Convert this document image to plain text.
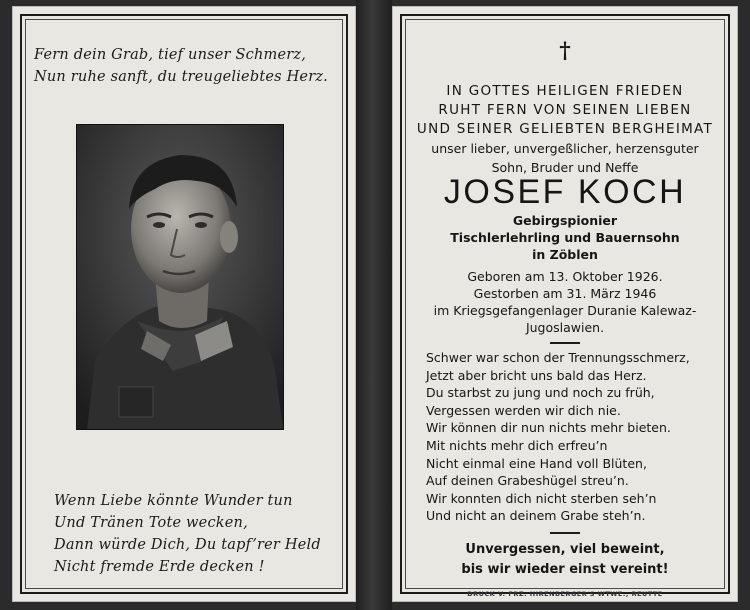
Fern dein Grab, tief unser Schmerz,
Nun ruhe sanft, du treugeliebtes Herz.
Wenn Liebe könnte Wunder tun
Und Tränen Tote wecken,
Dann würde Dich, Du tapf’rer Held
Nicht fremde Erde decken !
†
IN GOTTES HEILIGEN FRIEDEN
RUHT FERN VON SEINEN LIEBEN
UND SEINER GELIEBTEN BERGHEIMAT
unser lieber, unvergeßlicher, herzensguter
Sohn, Bruder und Neffe
JOSEF KOCH
Gebirgspionier
Tischlerlehrling und Bauernsohn
in Zöblen
Geboren am 13. Oktober 1926.
Gestorben am 31. März 1946
im Kriegsgefangenlager Duranie Kalewaz-
Jugoslawien.
Schwer war schon der Trennungsschmerz,
Jetzt aber bricht uns bald das Herz.
Du starbst zu jung und noch zu früh,
Vergessen werden wir dich nie.
Wir können dir nun nichts mehr bieten.
Mit nichts mehr dich erfreu’n
Nicht einmal eine Hand voll Blüten,
Auf deinen Grabeshügel streu’n.
Wir konnten dich nicht sterben seh’n
Und nicht an deinem Grabe steh’n.
Unvergessen, viel beweint,
bis wir wieder einst vereint!
DRUCK V. FRZ. IHRENBERGER'S WTWE., REUTTE
